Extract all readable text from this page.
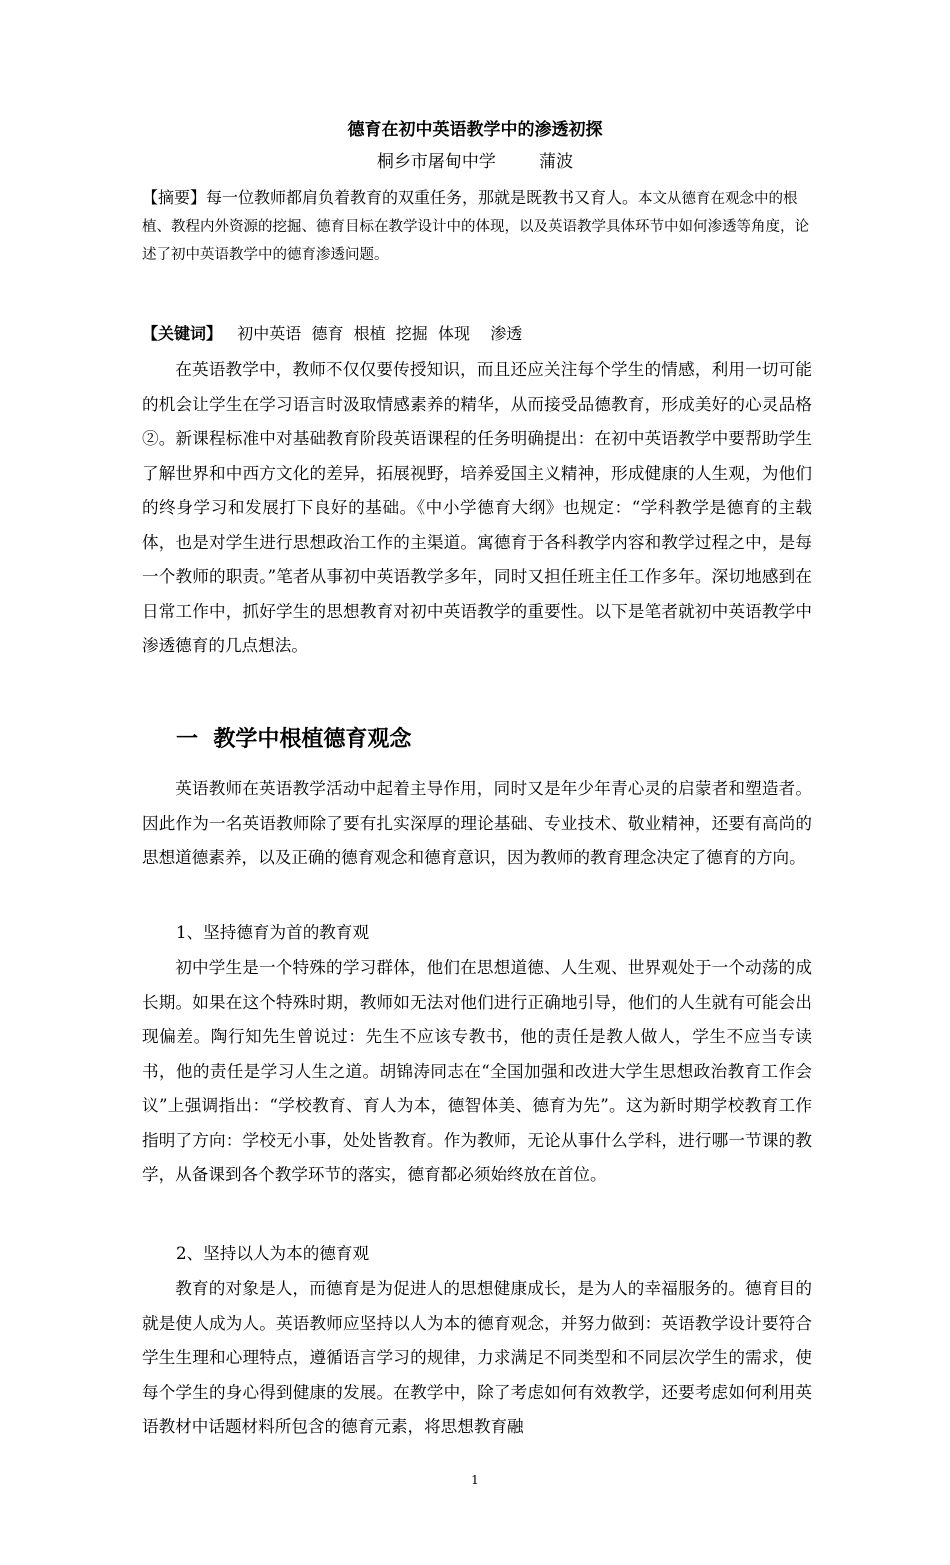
德育在初中英语教学中的渗透初探
桐乡市屠甸中学        蒲波

【摘要】每一位教师都肩负着教育的双重任务，那就是既教书又育人。本文从德育在观念中的根植、教程内外资源的挖掘、德育目标在教学设计中的体现，以及英语教学具体环节中如何渗透等角度，论述了初中英语教学中的德育渗透问题。

【关键词】   初中英语  德育  根植  挖掘  体现    渗透

在英语教学中，教师不仅仅要传授知识，而且还应关注每个学生的情感，利用一切可能的机会让学生在学习语言时汲取情感素养的精华，从而接受品德教育，形成美好的心灵品格②。新课程标准中对基础教育阶段英语课程的任务明确提出：在初中英语教学中要帮助学生了解世界和中西方文化的差异，拓展视野，培养爱国主义精神，形成健康的人生观，为他们的终身学习和发展打下良好的基础。《中小学德育大纲》也规定：“学科教学是德育的主载体，也是对学生进行思想政治工作的主渠道。寓德育于各科教学内容和教学过程之中，是每一个教师的职责。”笔者从事初中英语教学多年，同时又担任班主任工作多年。深切地感到在日常工作中，抓好学生的思想教育对初中英语教学的重要性。以下是笔者就初中英语教学中渗透德育的几点想法。

一  教学中根植德育观念

英语教师在英语教学活动中起着主导作用，同时又是年少年青心灵的启蒙者和塑造者。因此作为一名英语教师除了要有扎实深厚的理论基础、专业技术、敬业精神，还要有高尚的思想道德素养，以及正确的德育观念和德育意识，因为教师的教育理念决定了德育的方向。

1、坚持德育为首的教育观

初中学生是一个特殊的学习群体，他们在思想道德、人生观、世界观处于一个动荡的成长期。如果在这个特殊时期，教师如无法对他们进行正确地引导，他们的人生就有可能会出现偏差。陶行知先生曾说过：先生不应该专教书，他的责任是教人做人，学生不应当专读书，他的责任是学习人生之道。胡锦涛同志在“全国加强和改进大学生思想政治教育工作会议”上强调指出：“学校教育、育人为本，德智体美、德育为先”。这为新时期学校教育工作指明了方向：学校无小事，处处皆教育。作为教师，无论从事什么学科，进行哪一节课的教学，从备课到各个教学环节的落实，德育都必须始终放在首位。

2、坚持以人为本的德育观

教育的对象是人，而德育是为促进人的思想健康成长，是为人的幸福服务的。德育目的就是使人成为人。英语教师应坚持以人为本的德育观念，并努力做到：英语教学设计要符合学生生理和心理特点，遵循语言学习的规律，力求满足不同类型和不同层次学生的需求，使每个学生的身心得到健康的发展。在教学中，除了考虑如何有效教学，还要考虑如何利用英语教材中话题材料所包含的德育元素，将思想教育融

1
